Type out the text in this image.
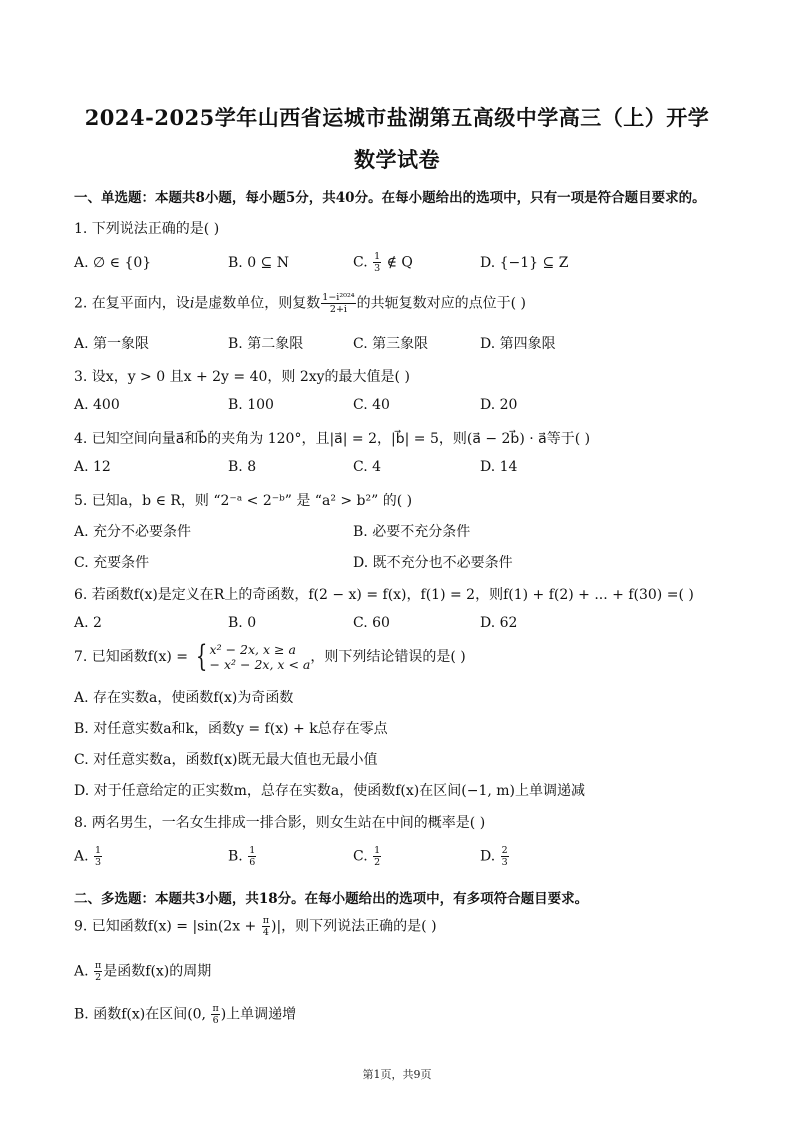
2024-2025学年山西省运城市盐湖第五高级中学高三（上）开学
数学试卷
一、单选题：本题共8小题，每小题5分，共40分。在每小题给出的选项中，只有一项是符合题目要求的。
1. 下列说法正确的是( )
A. ∅ ∈ {0}	B. 0 ⊆ N	C. $\frac{1}{3}$ ∉ Q	D. {−1} ⊆ Z
2. 在复平面内，设i是虚数单位，则复数 $\frac{\text{1−i²⁰²⁴}}{2+i}$ 的共轭复数对应的点位于( )
A. 第一象限	B. 第二象限	C. 第三象限	D. 第四象限
3. 设x，y > 0 且x + 2y = 40，则 2xy的最大值是( )
A. 400	B. 100	C. 40	D. 20
4. 已知空间向量a⃗和b⃗的夹角为 120°，且|a⃗| = 2，|b⃗| = 5，则(a⃗ − 2b⃗) · a⃗等于( )
A. 12	B. 8	C. 4	D. 14
5. 已知a，b ∈ R，则 “2⁻ᵃ < 2⁻ᵇ” 是 “a² > b²” 的( )
A. 充分不必要条件	B. 必要不充分条件
C. 充要条件	D. 既不充分也不必要条件
6. 若函数f(x)是定义在R上的奇函数，f(2 − x) = f(x)，f(1) = 2，则f(1) + f(2) + ... + f(30) =( )
A. 2	B. 0	C. 60	D. 62
7. 已知函数f(x) = { x² − 2x, x ≥ a
− x² − 2x, x < a ，则下列结论错误的是( )
A. 存在实数a，使函数f(x)为奇函数
B. 对任意实数a和k，函数y = f(x) + k总存在零点
C. 对任意实数a，函数f(x)既无最大值也无最小值
D. 对于任意给定的正实数m，总存在实数a，使函数f(x)在区间(−1, m)上单调递减
8. 两名男生，一名女生排成一排合影，则女生站在中间的概率是( )
A. $\frac{1}{3}$	B. $\frac{1}{6}$	C. $\frac{1}{2}$	D. $\frac{2}{3}$
二、多选题：本题共3小题，共18分。在每小题给出的选项中，有多项符合题目要求。
9. 已知函数$f(x) = |\sin(2x + \frac{\pi}{4}$ )|，则下列说法正确的是( )
A. $\frac{\pi}{2}$ 是函数f(x)的周期
B. 函数f(x)在区间(0, $\frac{\pi}{6}$ )上单调递增
第1页，共9页
